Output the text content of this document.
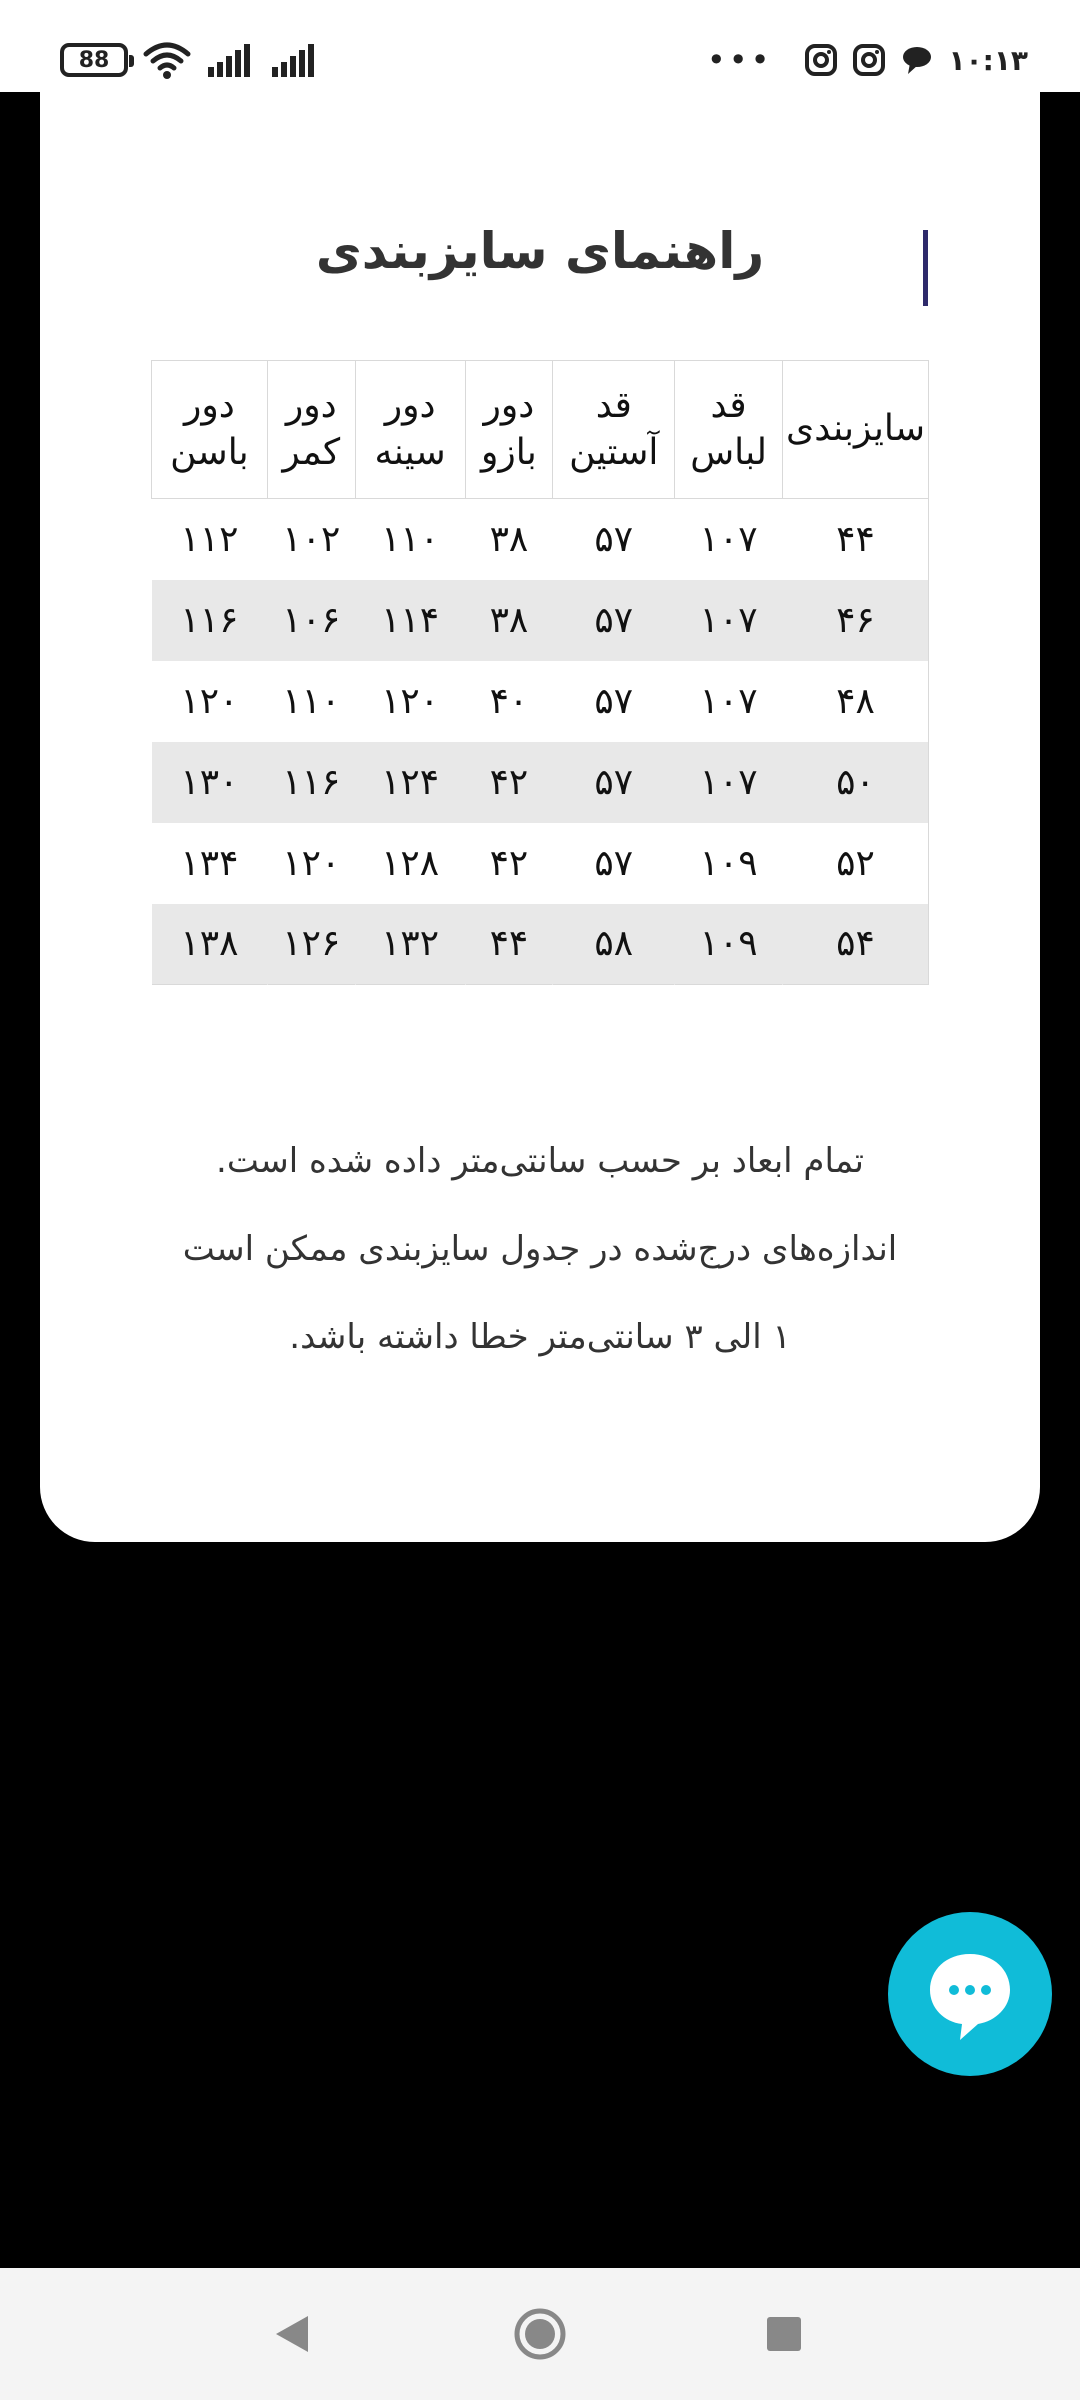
88	•••	۱۰:۱۳
راهنمای سایزبندی
سایزبندی	قد لباس	قد آستین	دور بازو	دور سینه	دور کمر	دور باسن
۴۴	۱۰۷	۵۷	۳۸	۱۱۰	۱۰۲	۱۱۲
۴۶	۱۰۷	۵۷	۳۸	۱۱۴	۱۰۶	۱۱۶
۴۸	۱۰۷	۵۷	۴۰	۱۲۰	۱۱۰	۱۲۰
۵۰	۱۰۷	۵۷	۴۲	۱۲۴	۱۱۶	۱۳۰
۵۲	۱۰۹	۵۷	۴۲	۱۲۸	۱۲۰	۱۳۴
۵۴	۱۰۹	۵۸	۴۴	۱۳۲	۱۲۶	۱۳۸

تمام ابعاد بر حسب سانتی‌متر داده شده است.

اندازه‌های درج‌شده در جدول سایزبندی ممکن است

۱ الی ۳ سانتی‌متر خطا داشته باشد.
